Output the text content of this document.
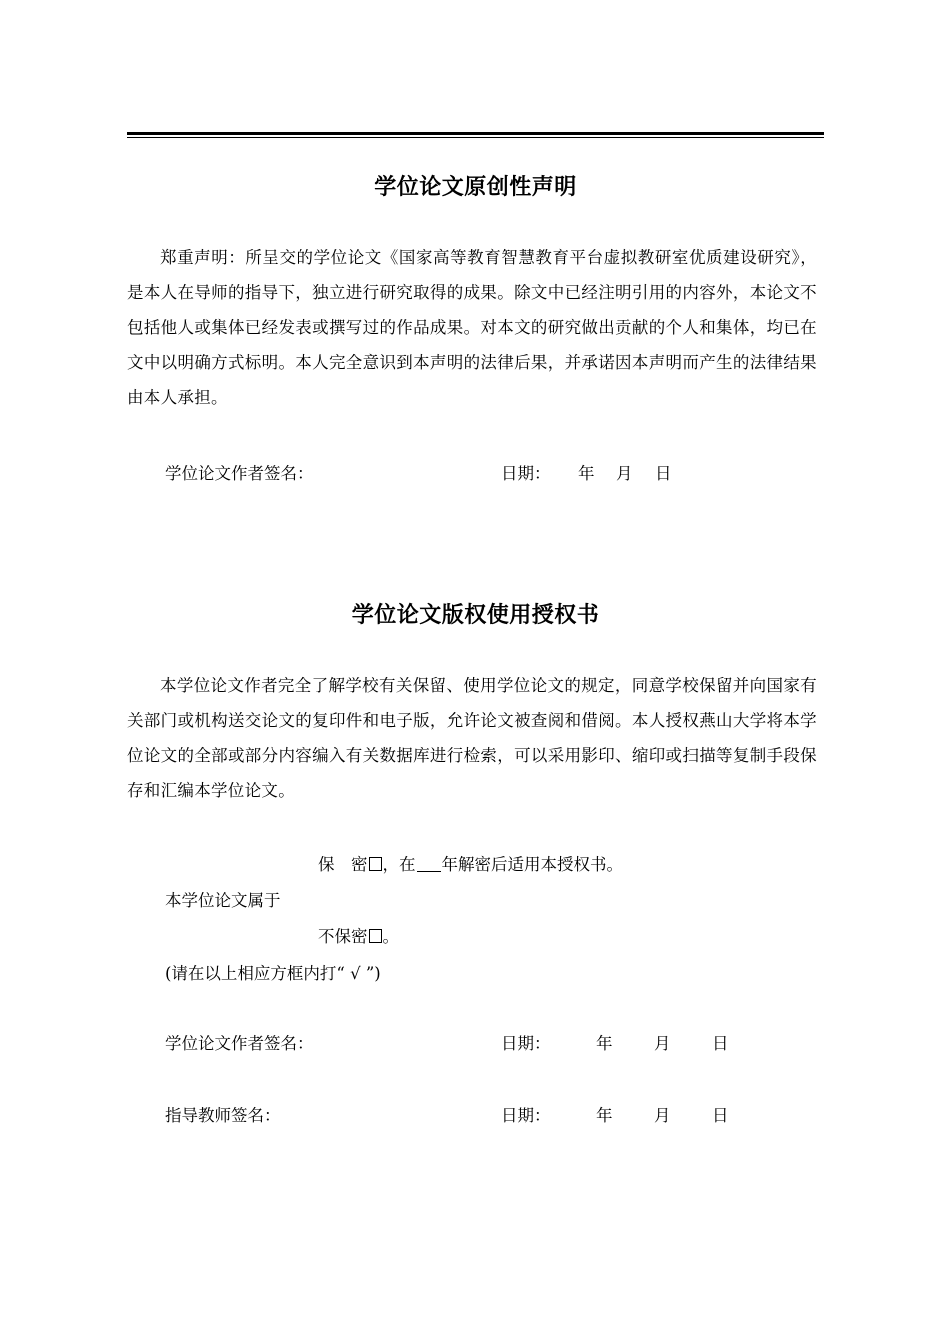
学位论文原创性声明
郑重声明：所呈交的学位论文《国家高等教育智慧教育平台虚拟教研室优质建设研究》，是本人在导师的指导下，独立进行研究取得的成果。除文中已经注明引用的内容外，本论文不包括他人或集体已经发表或撰写过的作品成果。对本文的研究做出贡献的个人和集体，均已在文中以明确方式标明。本人完全意识到本声明的法律后果，并承诺因本声明而产生的法律结果由本人承担。
学位论文作者签名：	日期： 年 月 日
学位论文版权使用授权书
本学位论文作者完全了解学校有关保留、使用学位论文的规定，同意学校保留并向国家有关部门或机构送交论文的复印件和电子版，允许论文被查阅和借阅。本人授权燕山大学将本学位论文的全部或部分内容编入有关数据库进行检索，可以采用影印、缩印或扫描等复制手段保存和汇编本学位论文。
保　密 ，在 年解密后适用本授权书。
本学位论文属于
不保密 。
(请在以上相应方框内打“ √ ”)
学位论文作者签名：	日期：	年	月	日
指导教师签名：	日期：	年	月	日
